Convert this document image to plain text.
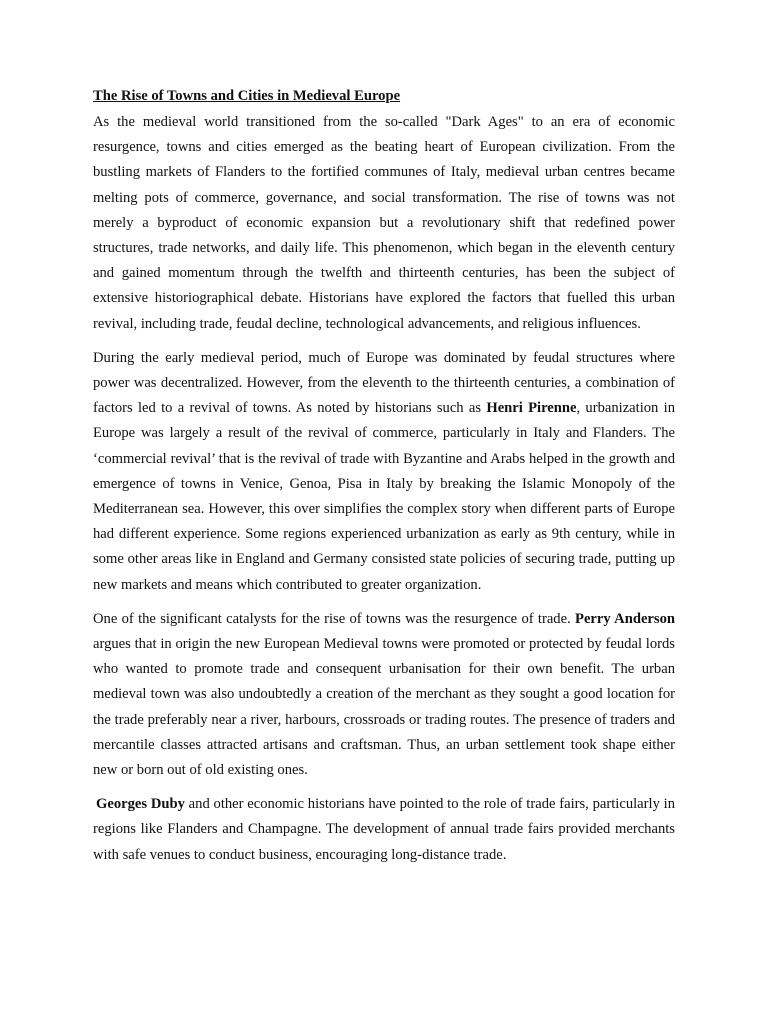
The Rise of Towns and Cities in Medieval Europe

As the medieval world transitioned from the so-called "Dark Ages" to an era of economic resurgence, towns and cities emerged as the beating heart of European civilization. From the bustling markets of Flanders to the fortified communes of Italy, medieval urban centres became melting pots of commerce, governance, and social transformation. The rise of towns was not merely a byproduct of economic expansion but a revolutionary shift that redefined power structures, trade networks, and daily life. This phenomenon, which began in the eleventh century and gained momentum through the twelfth and thirteenth centuries, has been the subject of extensive historiographical debate. Historians have explored the factors that fuelled this urban revival, including trade, feudal decline, technological advancements, and religious influences.

During the early medieval period, much of Europe was dominated by feudal structures where power was decentralized. However, from the eleventh to the thirteenth centuries, a combination of factors led to a revival of towns. As noted by historians such as Henri Pirenne, urbanization in Europe was largely a result of the revival of commerce, particularly in Italy and Flanders. The ‘commercial revival’ that is the revival of trade with Byzantine and Arabs helped in the growth and emergence of towns in Venice, Genoa, Pisa in Italy by breaking the Islamic Monopoly of the Mediterranean sea. However, this over simplifies the complex story when different parts of Europe had different experience. Some regions experienced urbanization as early as 9th century, while in some other areas like in England and Germany consisted state policies of securing trade, putting up new markets and means which contributed to greater organization.

One of the significant catalysts for the rise of towns was the resurgence of trade. Perry Anderson argues that in origin the new European Medieval towns were promoted or protected by feudal lords who wanted to promote trade and consequent urbanisation for their own benefit. The urban medieval town was also undoubtedly a creation of the merchant as they sought a good location for the trade preferably near a river, harbours, crossroads or trading routes. The presence of traders and mercantile classes attracted artisans and craftsman. Thus, an urban settlement took shape either new or born out of old existing ones.

Georges Duby and other economic historians have pointed to the role of trade fairs, particularly in regions like Flanders and Champagne. The development of annual trade fairs provided merchants with safe venues to conduct business, encouraging long-distance trade.
